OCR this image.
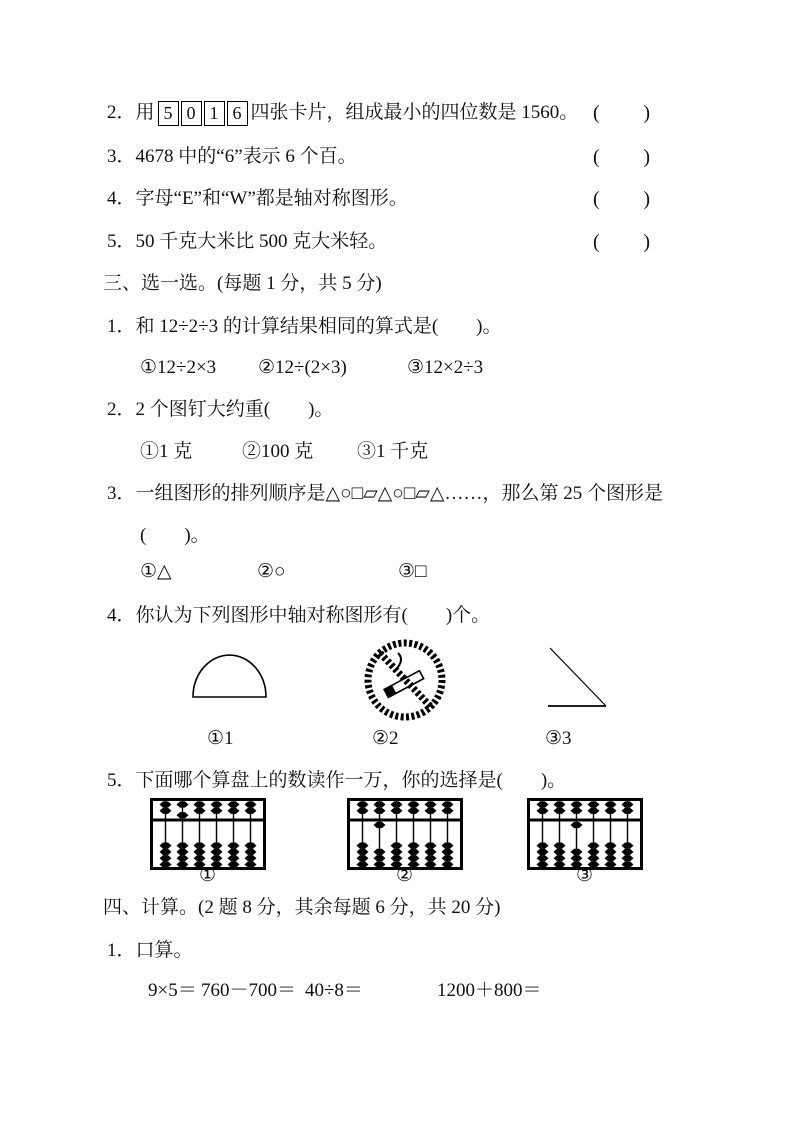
2．用 5 0 1 6 四张卡片，组成最小的四位数是 1560。 ( )
3．4678 中的“6”表示 6 个百。	( )
4．字母“E”和“W”都是轴对称图形。	( )
5．50 千克大米比 500 克大米轻。	( )
三、选一选。(每题 1 分，共 5 分)
1．和 12÷2÷3 的计算结果相同的算式是(　　)。
①12÷2×3 ②12÷(2×3)	③12×2÷3
2．2 个图钉大约重(　　)。
①1 克	②100 克 ③1 千克
3．一组图形的排列顺序是△○□▱△○□▱△……，那么第 25 个图形是
(　　)。
①△	②○	③□
4．你认为下列图形中轴对称图形有(　　)个。
①1	②2	③3
5．下面哪个算盘上的数读作一万，你的选择是(　　)。
①	②	③
四、计算。(2 题 8 分，其余每题 6 分，共 20 分)
1．口算。
9×5＝ 760－700＝ 40÷8＝	1200＋800＝
